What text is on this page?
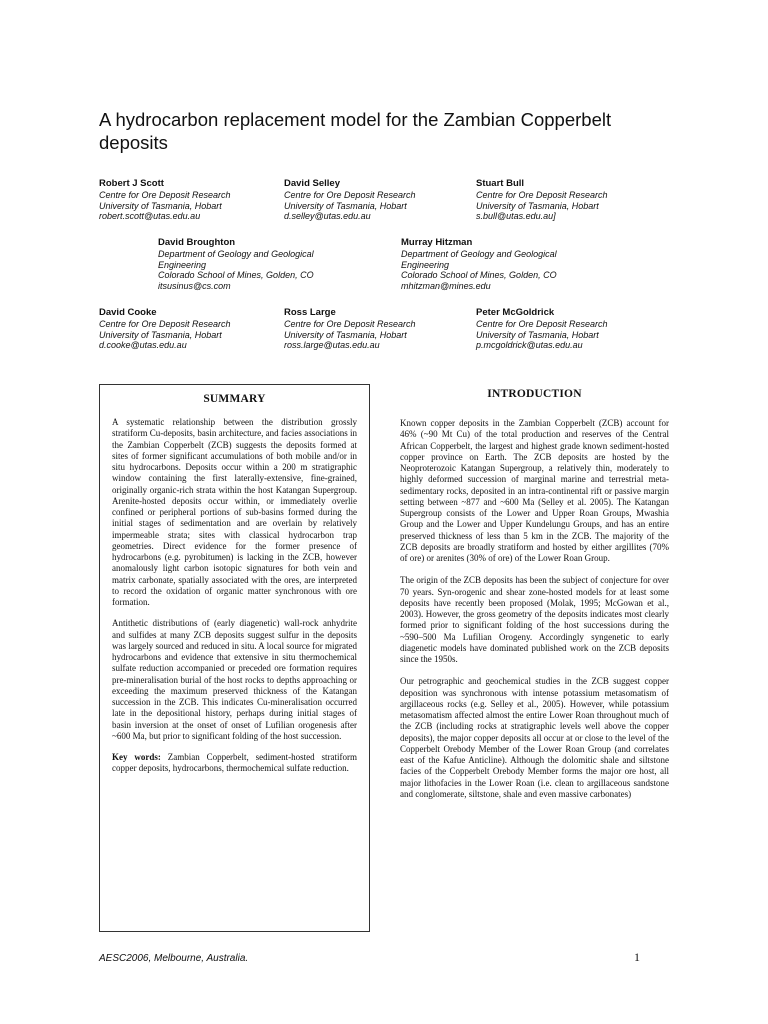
A hydrocarbon replacement model for the Zambian Copperbelt deposits
Robert J Scott
Centre for Ore Deposit Research
University of Tasmania, Hobart
robert.scott@utas.edu.au
David Selley
Centre for Ore Deposit Research
University of Tasmania, Hobart
d.selley@utas.edu.au
Stuart Bull
Centre for Ore Deposit Research
University of Tasmania, Hobart
s.bull@utas.edu.au]
David Broughton
Department of Geology and Geological
Engineering
Colorado School of Mines, Golden, CO
itsusinus@cs.com
Murray Hitzman
Department of Geology and Geological
Engineering
Colorado School of Mines, Golden, CO
mhitzman@mines.edu
David Cooke
Centre for Ore Deposit Research
University of Tasmania, Hobart
d.cooke@utas.edu.au
Ross Large
Centre for Ore Deposit Research
University of Tasmania, Hobart
ross.large@utas.edu.au
Peter McGoldrick
Centre for Ore Deposit Research
University of Tasmania, Hobart
p.mcgoldrick@utas.edu.au
SUMMARY

A systematic relationship between the distribution grossly stratiform Cu-deposits, basin architecture, and facies associations in the Zambian Copperbelt (ZCB) suggests the deposits formed at sites of former significant accumulations of both mobile and/or in situ hydrocarbons. Deposits occur within a 200 m stratigraphic window containing the first laterally-extensive, fine-grained, originally organic-rich strata within the host Katangan Supergroup. Arenite-hosted deposits occur within, or immediately overlie confined or peripheral portions of sub-basins formed during the initial stages of sedimentation and are overlain by relatively impermeable strata; sites with classical hydrocarbon trap geometries. Direct evidence for the former presence of hydrocarbons (e.g. pyrobitumen) is lacking in the ZCB, however anomalously light carbon isotopic signatures for both vein and matrix carbonate, spatially associated with the ores, are interpreted to record the oxidation of organic matter synchronous with ore formation.

Antithetic distributions of (early diagenetic) wall-rock anhydrite and sulfides at many ZCB deposits suggest sulfur in the deposits was largely sourced and reduced in situ. A local source for migrated hydrocarbons and evidence that extensive in situ thermochemical sulfate reduction accompanied or preceded ore formation requires pre-mineralisation burial of the host rocks to depths approaching or exceeding the maximum preserved thickness of the Katangan succession in the ZCB. This indicates Cu-mineralisation occurred late in the depositional history, perhaps during initial stages of basin inversion at the onset of onset of Lufilian orogenesis after ~600 Ma, but prior to significant folding of the host succession.

Key words: Zambian Copperbelt, sediment-hosted stratiform copper deposits, hydrocarbons, thermochemical sulfate reduction.

INTRODUCTION

Known copper deposits in the Zambian Copperbelt (ZCB) account for 46% (~90 Mt Cu) of the total production and reserves of the Central African Copperbelt, the largest and highest grade known sediment-hosted copper province on Earth. The ZCB deposits are hosted by the Neoproterozoic Katangan Supergroup, a relatively thin, moderately to highly deformed succession of marginal marine and terrestrial meta-sedimentary rocks, deposited in an intra-continental rift or passive margin setting between ~877 and ~600 Ma (Selley et al. 2005). The Katangan Supergroup consists of the Lower and Upper Roan Groups, Mwashia Group and the Lower and Upper Kundelungu Groups, and has an entire preserved thickness of less than 5 km in the ZCB. The majority of the ZCB deposits are broadly stratiform and hosted by either argillites (70% of ore) or arenites (30% of ore) of the Lower Roan Group.

The origin of the ZCB deposits has been the subject of conjecture for over 70 years. Syn-orogenic and shear zone-hosted models for at least some deposits have recently been proposed (Molak, 1995; McGowan et al., 2003). However, the gross geometry of the deposits indicates most clearly formed prior to significant folding of the host successions during the ~590–500 Ma Lufilian Orogeny. Accordingly syngenetic to early diagenetic models have dominated published work on the ZCB deposits since the 1950s.

Our petrographic and geochemical studies in the ZCB suggest copper deposition was synchronous with intense potassium metasomatism of argillaceous rocks (e.g. Selley et al., 2005). However, while potassium metasomatism affected almost the entire Lower Roan throughout much of the ZCB (including rocks at stratigraphic levels well above the copper deposits), the major copper deposits all occur at or close to the level of the Copperbelt Orebody Member of the Lower Roan Group (and correlates east of the Kafue Anticline). Although the dolomitic shale and siltstone facies of the Copperbelt Orebody Member forms the major ore host, all major lithofacies in the Lower Roan (i.e. clean to argillaceous sandstone and conglomerate, siltstone, shale and even massive carbonates)

AESC2006, Melbourne, Australia.	1
